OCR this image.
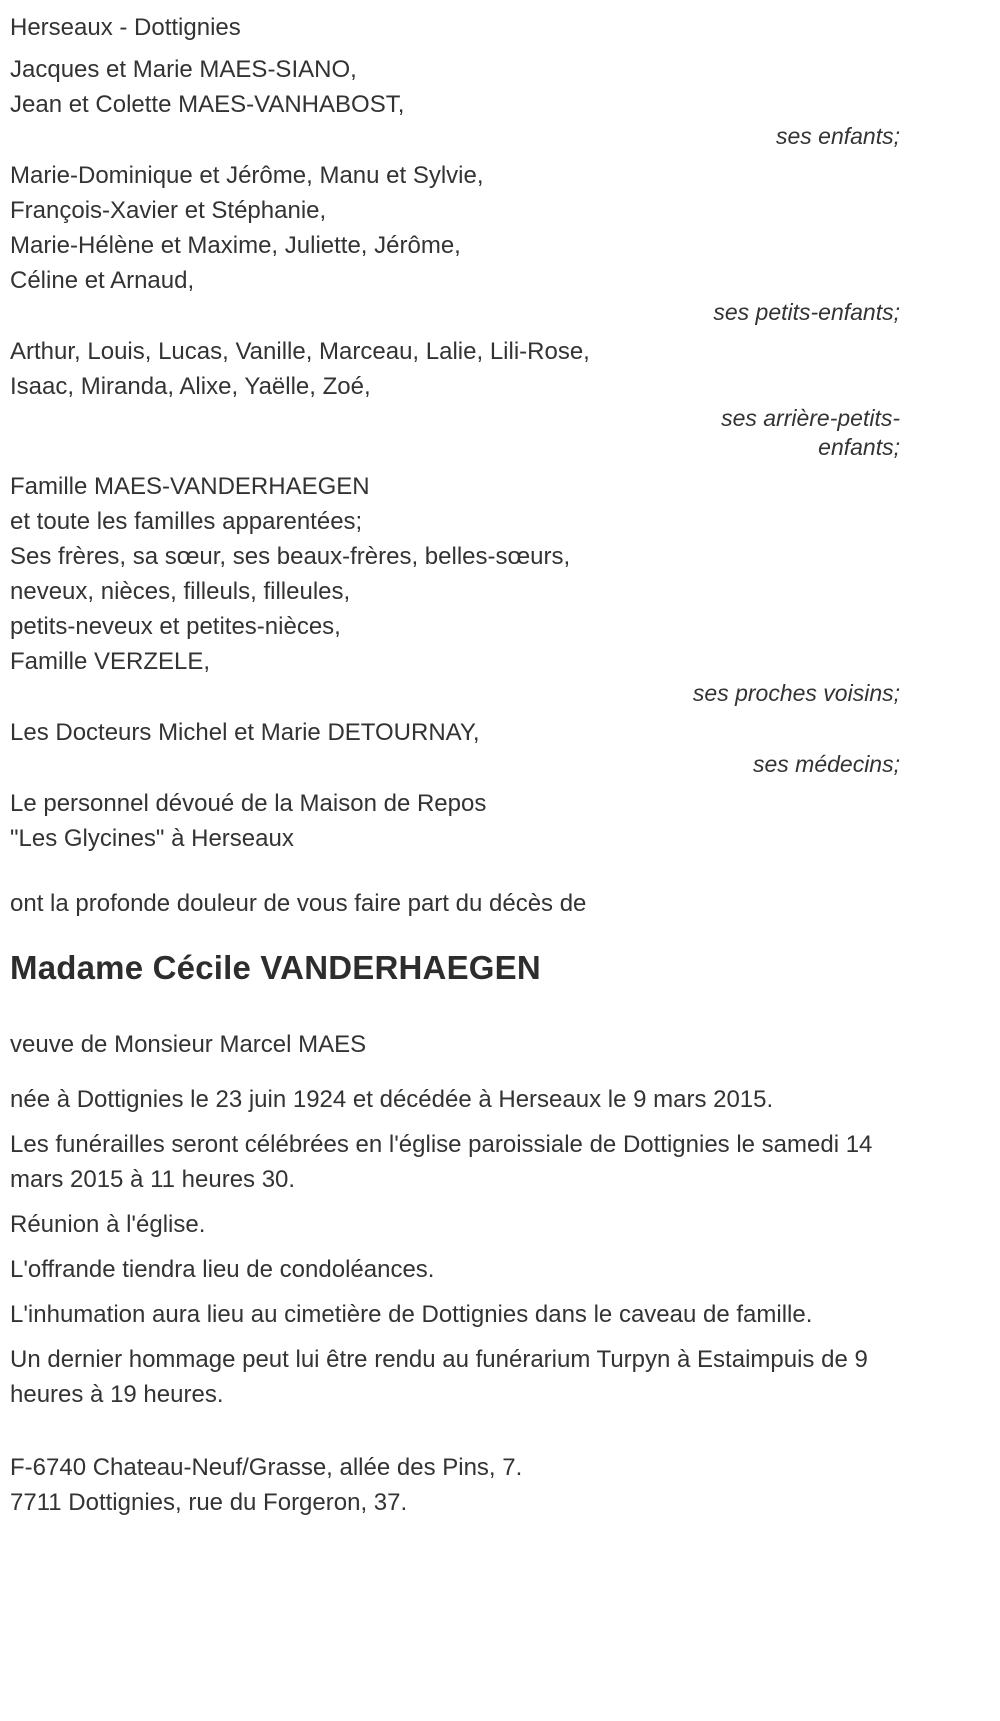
Herseaux - Dottignies
Jacques et Marie MAES-SIANO,
Jean et Colette MAES-VANHABOST,
ses enfants;
Marie-Dominique et Jérôme, Manu et Sylvie,
François-Xavier et Stéphanie,
Marie-Hélène et Maxime, Juliette, Jérôme,
Céline et Arnaud,
ses petits-enfants;
Arthur, Louis, Lucas, Vanille, Marceau, Lalie, Lili-Rose,
Isaac, Miranda, Alixe, Yaëlle, Zoé,
ses arrière-petits-
enfants;
Famille MAES-VANDERHAEGEN
et toute les familles apparentées;
Ses frères, sa sœur, ses beaux-frères, belles-sœurs,
neveux, nièces, filleuls, filleules,
petits-neveux et petites-nièces,
Famille VERZELE,
ses proches voisins;
Les Docteurs Michel et Marie DETOURNAY,
ses médecins;
Le personnel dévoué de la Maison de Repos
"Les Glycines" à Herseaux
ont la profonde douleur de vous faire part du décès de
Madame Cécile VANDERHAEGEN
veuve de Monsieur Marcel MAES
née à Dottignies le 23 juin 1924 et décédée à Herseaux le 9 mars 2015.
Les funérailles seront célébrées en l'église paroissiale de Dottignies le samedi 14 mars 2015 à 11 heures 30.
Réunion à l'église.
L'offrande tiendra lieu de condoléances.
L'inhumation aura lieu au cimetière de Dottignies dans le caveau de famille.
Un dernier hommage peut lui être rendu au funérarium Turpyn à Estaimpuis de 9 heures à 19 heures.
F-6740 Chateau-Neuf/Grasse, allée des Pins, 7.
7711 Dottignies, rue du Forgeron, 37.
